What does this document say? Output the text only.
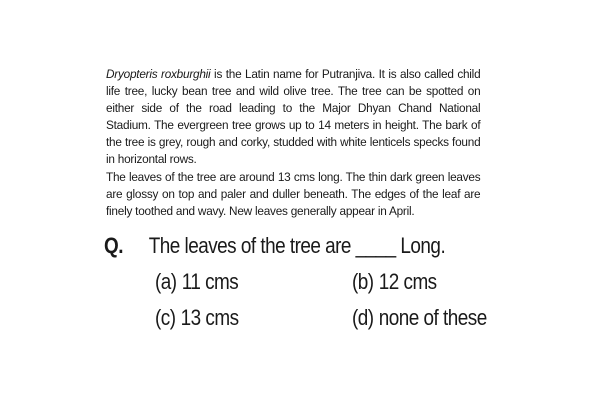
Dryopteris roxburghii is the Latin name for Putranjiva. It is also called child life tree, lucky bean tree and wild olive tree. The tree can be spotted on either side of the road leading to the Major Dhyan Chand National Stadium. The evergreen tree grows up to 14 meters in height. The bark of the tree is grey, rough and corky, studded with white lenticels specks found in horizontal rows.

The leaves of the tree are around 13 cms long. The thin dark green leaves are glossy on top and paler and duller beneath. The edges of the leaf are finely toothed and wavy. New leaves generally appear in April.

Q.	The leaves of the tree are ____ Long.
(a) 11 cms	(b) 12 cms
(c) 13 cms	(d) none of these
